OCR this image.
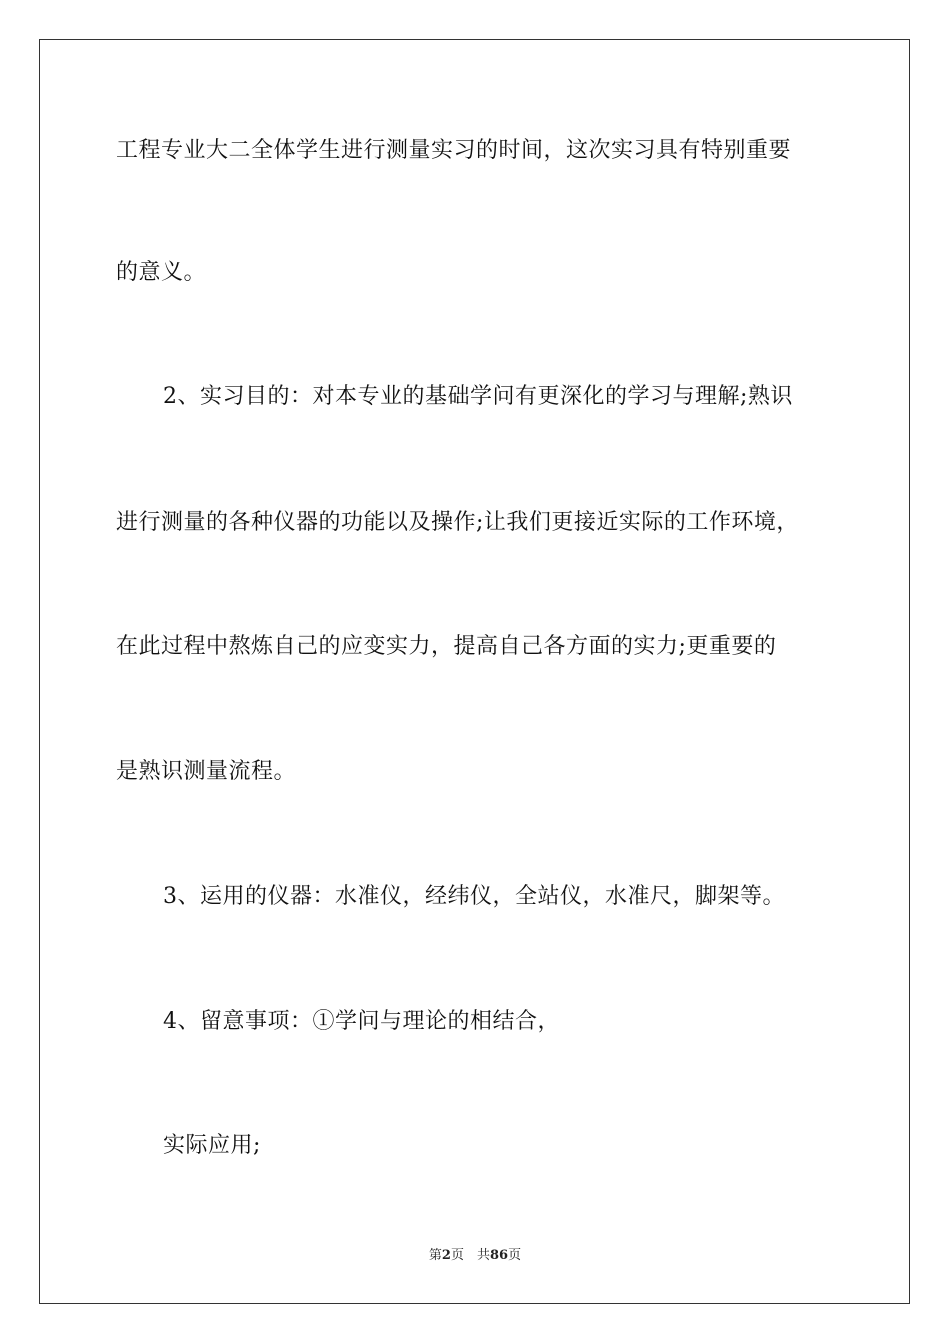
工程专业大二全体学生进行测量实习的时间，这次实习具有特别重要
的意义。
2、实习目的：对本专业的基础学问有更深化的学习与理解;熟识
进行测量的各种仪器的功能以及操作;让我们更接近实际的工作环境，
在此过程中熬炼自己的应变实力，提高自己各方面的实力;更重要的
是熟识测量流程。
3、运用的仪器：水准仪，经纬仪，全站仪，水准尺，脚架等。
4、留意事项：①学问与理论的相结合，
实际应用;
第2页　共86页
